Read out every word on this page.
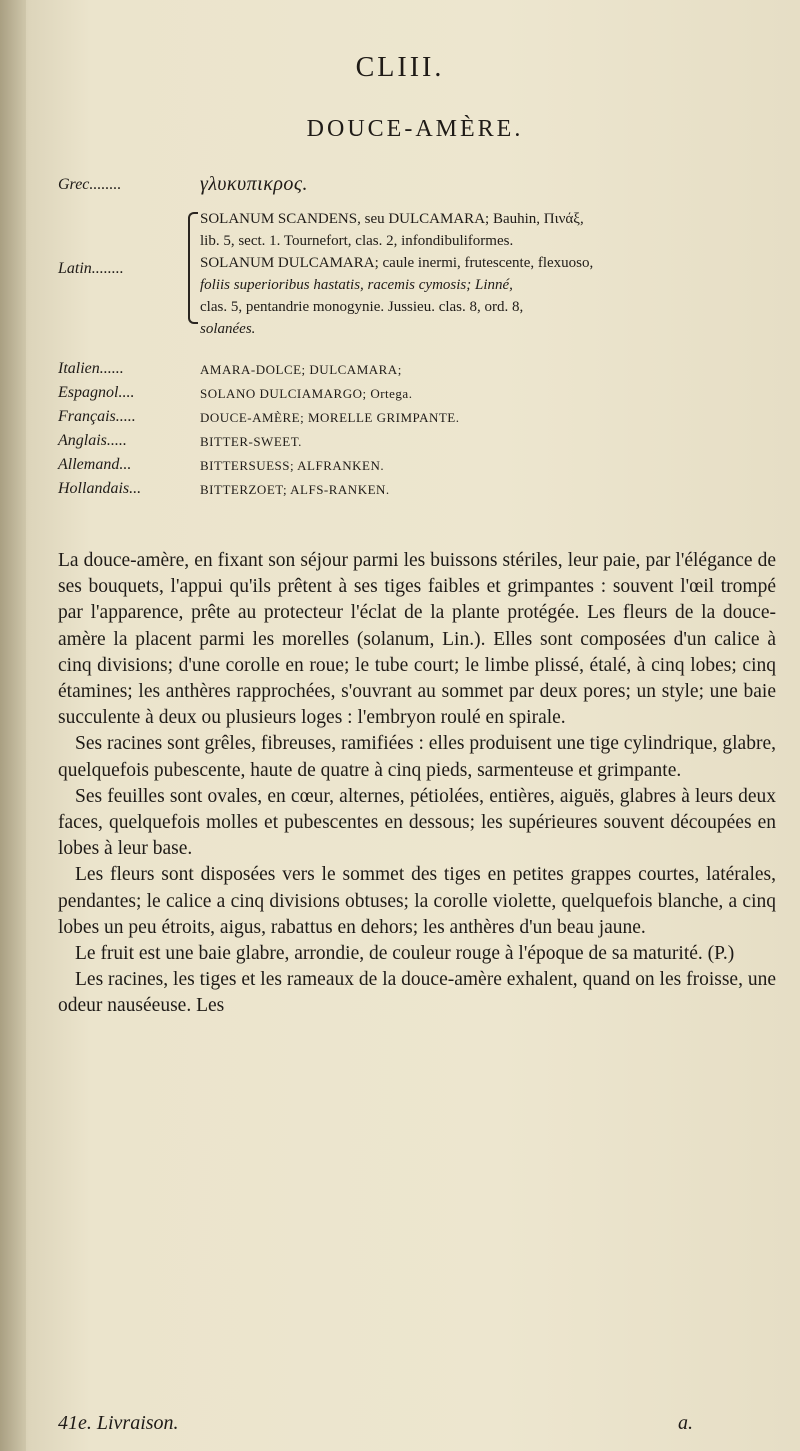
CLIII.
DOUCE-AMÈRE.
Grec........	γλυκυπικρος.
Latin........
SOLANUM SCANDENS, seu DULCAMARA; Bauhin, Πινάξ,
lib. 5, sect. 1. Tournefort, clas. 2, infondibuliformes.
SOLANUM DULCAMARA; caule inermi, frutescente, flexuoso,
foliis superioribus hastatis, racemis cymosis; Linné,
clas. 5, pentandrie monogynie. Jussieu. clas. 8, ord. 8,
solanées.
Italien......	AMARA-DOLCE; DULCAMARA;
Espagnol....	SOLANO DULCIAMARGO; Ortega.
Français.....	DOUCE-AMÈRE; MORELLE GRIMPANTE.
Anglais.....	BITTER-SWEET.
Allemand...	BITTERSUESS; ALFRANKEN.
Hollandais...	BITTERZOET; ALFS-RANKEN.

La douce-amère, en fixant son séjour parmi les buissons stériles, leur paie, par l'élégance de ses bouquets, l'appui qu'ils prêtent à ses tiges faibles et grimpantes : souvent l'œil trompé par l'apparence, prête au protecteur l'éclat de la plante protégée. Les fleurs de la douce-amère la placent parmi les morelles (solanum, Lin.). Elles sont composées d'un calice à cinq divisions; d'une corolle en roue; le tube court; le limbe plissé, étalé, à cinq lobes; cinq étamines; les anthères rapprochées, s'ouvrant au sommet par deux pores; un style; une baie succulente à deux ou plusieurs loges : l'embryon roulé en spirale.

Ses racines sont grêles, fibreuses, ramifiées : elles produisent une tige cylindrique, glabre, quelquefois pubescente, haute de quatre à cinq pieds, sarmenteuse et grimpante.

Ses feuilles sont ovales, en cœur, alternes, pétiolées, entières, aiguës, glabres à leurs deux faces, quelquefois molles et pubescentes en dessous; les supérieures souvent découpées en lobes à leur base.

Les fleurs sont disposées vers le sommet des tiges en petites grappes courtes, latérales, pendantes; le calice a cinq divisions obtuses; la corolle violette, quelquefois blanche, a cinq lobes un peu étroits, aigus, rabattus en dehors; les anthères d'un beau jaune.

Le fruit est une baie glabre, arrondie, de couleur rouge à l'époque de sa maturité. (P.)

Les racines, les tiges et les rameaux de la douce-amère exhalent, quand on les froisse, une odeur nauséeuse. Les

41e. Livraison.	a.
